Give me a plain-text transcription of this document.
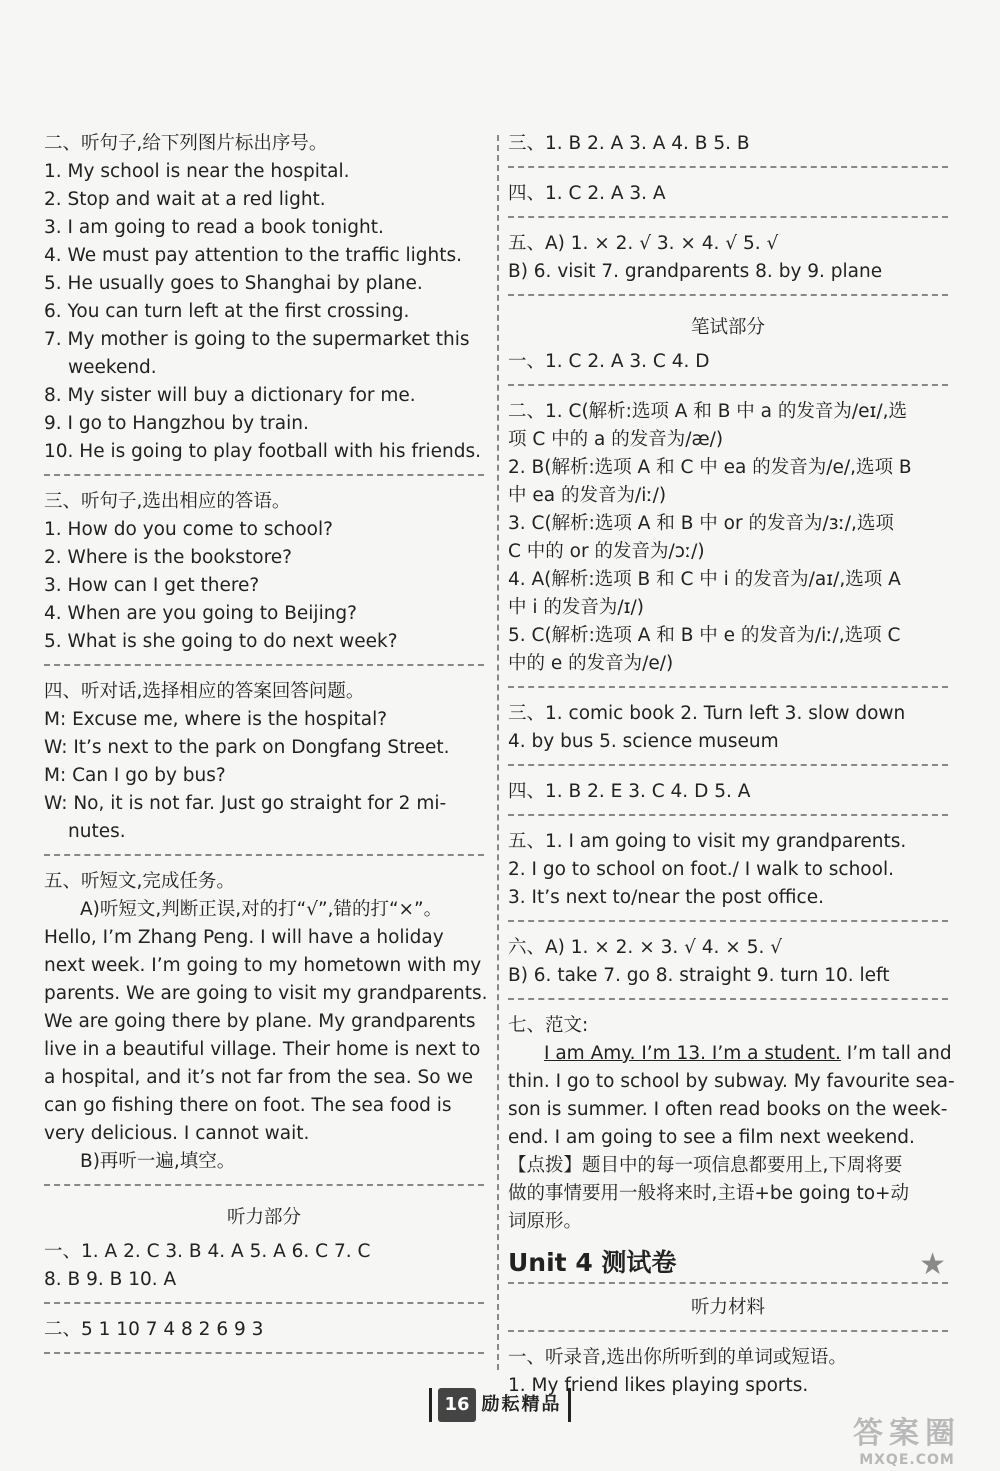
二、听句子,给下列图片标出序号。
1. My school is near the hospital.
2. Stop and wait at a red light.
3. I am going to read a book tonight.
4. We must pay attention to the traffic lights.
5. He usually goes to Shanghai by plane.
6. You can turn left at the first crossing.
7. My mother is going to the supermarket this
weekend.
8. My sister will buy a dictionary for me.
9. I go to Hangzhou by train.
10. He is going to play football with his friends.
三、听句子,选出相应的答语。
1. How do you come to school?
2. Where is the bookstore?
3. How can I get there?
4. When are you going to Beijing?
5. What is she going to do next week?
四、听对话,选择相应的答案回答问题。
M: Excuse me, where is the hospital?
W: It’s next to the park on Dongfang Street.
M: Can I go by bus?
W: No, it is not far. Just go straight for 2 mi-
nutes.
五、听短文,完成任务。
A)听短文,判断正误,对的打“√”,错的打“×”。
Hello, I’m Zhang Peng. I will have a holiday
next week. I’m going to my hometown with my
parents. We are going to visit my grandparents.
We are going there by plane. My grandparents
live in a beautiful village. Their home is next to
a hospital, and it’s not far from the sea. So we
can go fishing there on foot. The sea food is
very delicious. I cannot wait.
B)再听一遍,填空。
听力部分
一、1. A 2. C 3. B 4. A 5. A 6. C 7. C
8. B 9. B 10. A
二、5 1 10 7 4 8 2 6 9 3
三、1. B 2. A 3. A 4. B 5. B
四、1. C 2. A 3. A
五、A) 1. × 2. √ 3. × 4. √ 5. √
B) 6. visit 7. grandparents 8. by 9. plane
笔试部分
一、1. C 2. A 3. C 4. D
二、1. C(解析:选项 A 和 B 中 a 的发音为/eɪ/,选
项 C 中的 a 的发音为/æ/)
2. B(解析:选项 A 和 C 中 ea 的发音为/e/,选项 B
中 ea 的发音为/iː/)
3. C(解析:选项 A 和 B 中 or 的发音为/ɜː/,选项
C 中的 or 的发音为/ɔː/)
4. A(解析:选项 B 和 C 中 i 的发音为/aɪ/,选项 A
中 i 的发音为/ɪ/)
5. C(解析:选项 A 和 B 中 e 的发音为/iː/,选项 C
中的 e 的发音为/e/)
三、1. comic book 2. Turn left 3. slow down
4. by bus 5. science museum
四、1. B 2. E 3. C 4. D 5. A
五、1. I am going to visit my grandparents.
2. I go to school on foot./ I walk to school.
3. It’s next to/near the post office.
六、A) 1. × 2. × 3. √ 4. × 5. √
B) 6. take 7. go 8. straight 9. turn 10. left
七、范文:
I am Amy. I’m 13. I’m a student. I’m tall and
thin. I go to school by subway. My favourite sea-
son is summer. I often read books on the week-
end. I am going to see a film next weekend.
【点拨】题目中的每一项信息都要用上,下周将要
做的事情要用一般将来时,主语+be going to+动
词原形。
Unit 4 测试卷	★
听力材料
一、听录音,选出你所听到的单词或短语。
1. My friend likes playing sports.
16 励耘精品
答案圈
MXQE.COM
